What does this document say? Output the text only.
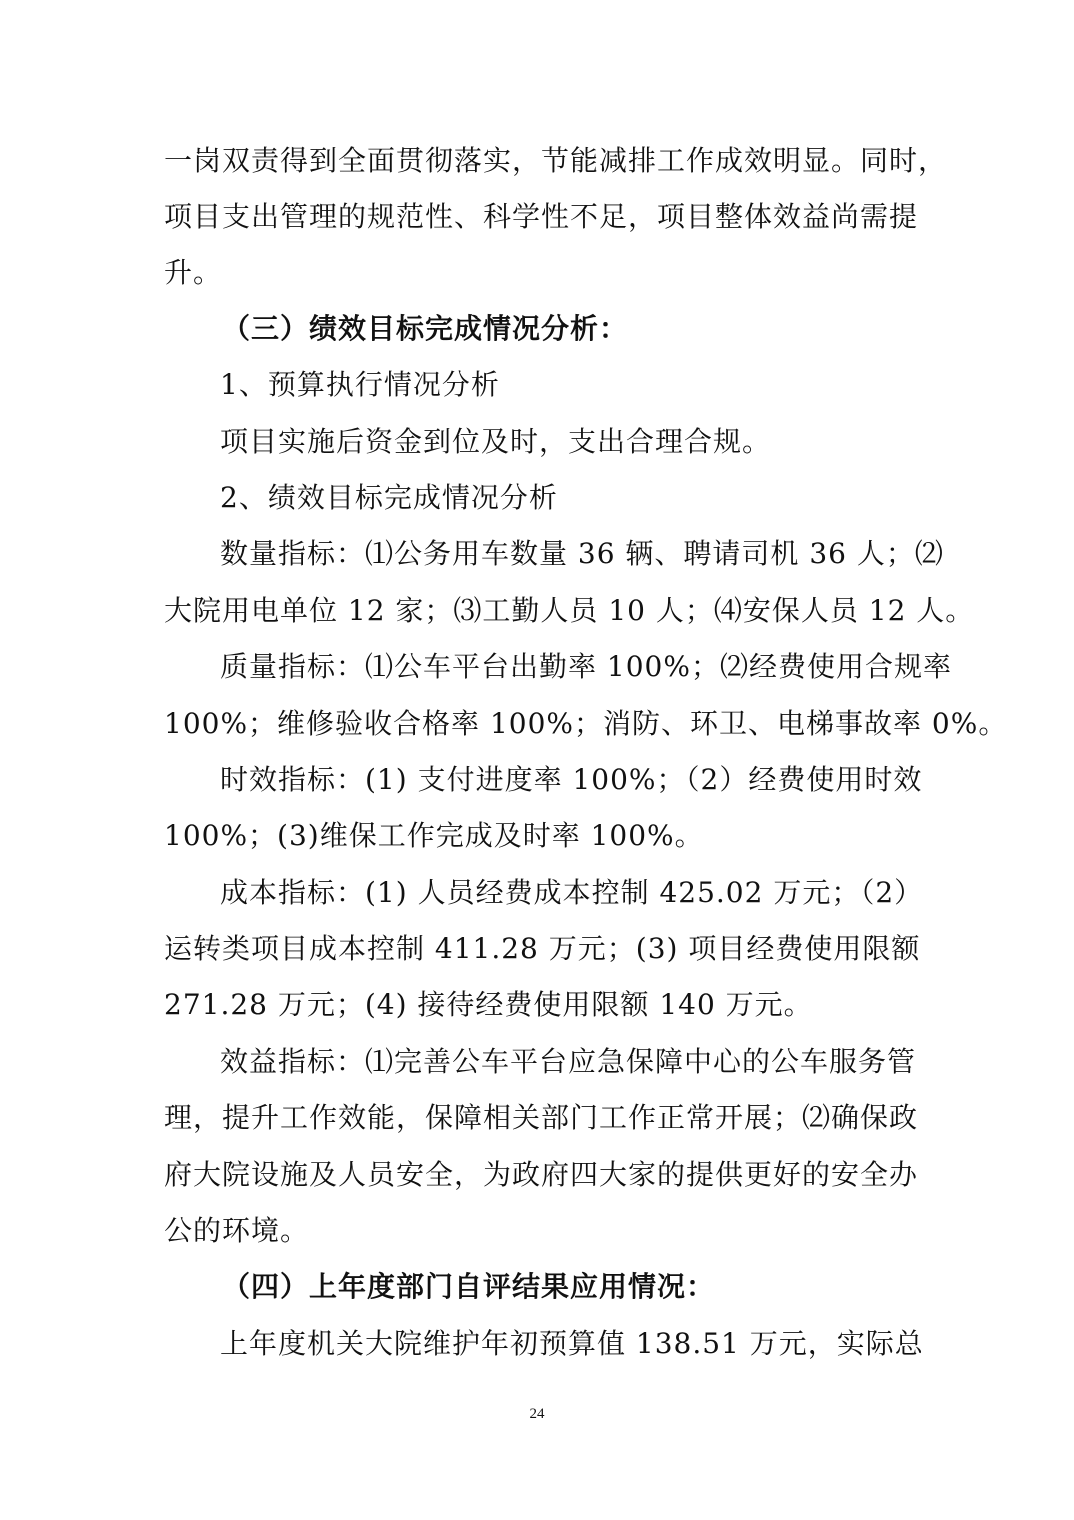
一岗双责得到全面贯彻落实，节能减排工作成效明显。同时，
项目支出管理的规范性、科学性不足，项目整体效益尚需提
升。
（三）绩效目标完成情况分析：
1、预算执行情况分析
项目实施后资金到位及时，支出合理合规。
2、绩效目标完成情况分析
数量指标：⑴公务用车数量 36 辆、聘请司机 36 人；⑵
大院用电单位 12 家；⑶工勤人员 10 人；⑷安保人员 12 人。
质量指标：⑴公车平台出勤率 100%；⑵经费使用合规率
100%；维修验收合格率 100%；消防、环卫、电梯事故率 0%。
时效指标：(1) 支付进度率 100%；（2）经费使用时效
100%；(3)维保工作完成及时率 100%。
成本指标：(1) 人员经费成本控制 425.02 万元；（2）
运转类项目成本控制 411.28 万元；(3) 项目经费使用限额
271.28 万元；(4) 接待经费使用限额 140 万元。
效益指标：⑴完善公车平台应急保障中心的公车服务管
理，提升工作效能，保障相关部门工作正常开展；⑵确保政
府大院设施及人员安全，为政府四大家的提供更好的安全办
公的环境。
（四）上年度部门自评结果应用情况：
上年度机关大院维护年初预算值 138.51 万元，实际总
24
